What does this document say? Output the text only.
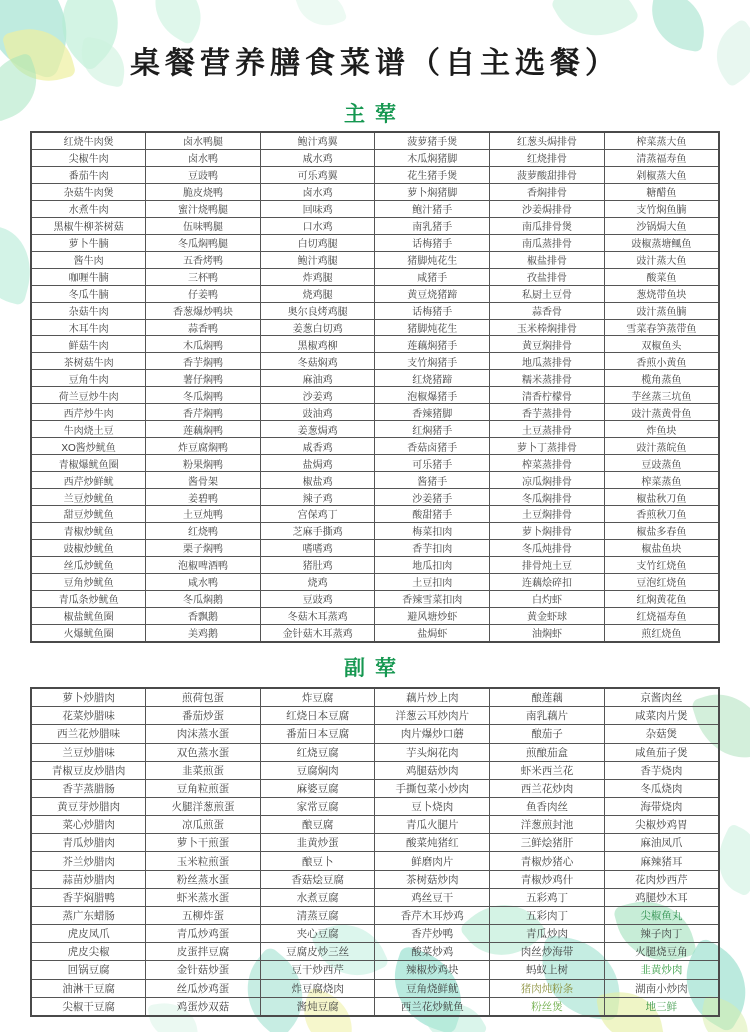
桌餐营养膳食菜谱（自主选餐）
主荤
红烧牛肉煲	卤水鸭腿	鲍汁鸡翼	菠萝猪手煲	红葱头焗排骨	榨菜蒸大鱼
尖椒牛肉	卤水鸭	咸水鸡	木瓜焖猪脚	红烧排骨	清蒸福寿鱼
番茄牛肉	豆豉鸭	可乐鸡翼	花生猪手煲	菠萝酸甜排骨	剁椒蒸大鱼
杂菇牛肉煲	脆皮烧鸭	卤水鸡	萝卜焖猪脚	香焖排骨	糖醋鱼
水煮牛肉	蜜汁烧鸭腿	回味鸡	鲍汁猪手	沙姜焗排骨	支竹焖鱼腩
黑椒牛柳茶树菇	伍味鸭腿	口水鸡	南乳猪手	南瓜排骨煲	沙锅焗大鱼
萝卜牛腩	冬瓜焖鸭腿	白切鸡腿	话梅猪手	南瓜蒸排骨	豉椒蒸塘鲺鱼
酱牛肉	五香烤鸭	鲍汁鸡腿	猪脚炖花生	椒盐排骨	豉汁蒸大鱼
咖喱牛腩	三杯鸭	炸鸡腿	咸猪手	孜盐排骨	酸菜鱼
冬瓜牛腩	仔姜鸭	烧鸡腿	黄豆烧猪蹄	私厨土豆骨	葱烧带鱼块
杂菇牛肉	香葱爆炒鸭块	奥尔良烤鸡腿	话梅猪手	蒜香骨	豉汁蒸鱼腩
木耳牛肉	蒜香鸭	姜葱白切鸡	猪脚炖花生	玉米棒焖排骨	雪菜春笋蒸带鱼
鲜菇牛肉	木瓜焖鸭	黑椒鸡柳	莲藕焖猪手	黄豆焖排骨	双椒鱼头
茶树菇牛肉	香芋焖鸭	冬菇焖鸡	支竹焖猪手	地瓜蒸排骨	香煎小黄鱼
豆角牛肉	薯仔焖鸭	麻油鸡	红烧猪蹄	糯米蒸排骨	榄角蒸鱼
荷兰豆炒牛肉	冬瓜焖鸭	沙姜鸡	泡椒爆猪手	清香柠檬骨	芋丝蒸三坑鱼
西芹炒牛肉	香芹焖鸭	豉油鸡	香辣猪脚	香芋蒸排骨	豉汁蒸黄骨鱼
牛肉烧土豆	莲藕焖鸭	姜葱焗鸡	红焖猪手	土豆蒸排骨	炸鱼块
XO酱炒鱿鱼	炸豆腐焖鸭	咸香鸡	香菇卤猪手	萝卜丁蒸排骨	豉汁蒸皖鱼
青椒爆鱿鱼圈	粉果焖鸭	盐焗鸡	可乐猪手	榨菜蒸排骨	豆豉蒸鱼
西芹炒鲜鱿	酱骨架	椒盐鸡	酱猪手	凉瓜焖排骨	榨菜蒸鱼
兰豆炒鱿鱼	姜碧鸭	辣子鸡	沙姜猪手	冬瓜焖排骨	椒盐秋刀鱼
甜豆炒鱿鱼	土豆炖鸭	宫保鸡丁	酸甜猪手	土豆焖排骨	香煎秋刀鱼
青椒炒鱿鱼	红烧鸭	芝麻手撕鸡	梅菜扣肉	萝卜焖排骨	椒盐多春鱼
豉椒炒鱿鱼	栗子焖鸭	嗜嗜鸡	香芋扣肉	冬瓜炖排骨	椒盐鱼块
丝瓜炒鱿鱼	泡椒啤酒鸭	猪肚鸡	地瓜扣肉	排骨炖土豆	支竹红烧鱼
豆角炒鱿鱼	咸水鸭	烧鸡	土豆扣肉	连藕烩碎扣	豆泡红烧鱼
青瓜条炒鱿鱼	冬瓜焖鹅	豆豉鸡	香辣雪菜扣肉	白灼虾	红焖黄花鱼
椒盐鱿鱼圈	香飘鹅	冬菇木耳蒸鸡	避风塘炒虾	黄金虾球	红烧福寿鱼
火爆鱿鱼圈	美鸡鹅	金针菇木耳蒸鸡	盐焗虾	油焖虾	煎红烧鱼
副荤
萝卜炒腊肉	煎荷包蛋	炸豆腐	藕片炒上肉	酿莲藕	京酱肉丝
花菜炒腊味	番茄炒蛋	红烧日本豆腐	洋葱云耳炒肉片	南乳藕片	咸菜肉片煲
西兰花炒腊味	肉沫蒸水蛋	番茄日本豆腐	肉片爆炒口蘑	酿茄子	杂菇煲
兰豆炒腊味	双色蒸水蛋	红烧豆腐	芋头焖花肉	煎酿茄盒	咸鱼茄子煲
青椒豆皮炒腊肉	韭菜煎蛋	豆腐焖肉	鸡腿菇炒肉	虾米西兰花	香芋烧肉
香芋蒸腊肠	豆角粒煎蛋	麻婆豆腐	手撕包菜小炒肉	西兰花炒肉	冬瓜烧肉
黄豆芽炒腊肉	火腿洋葱煎蛋	家常豆腐	豆卜烧肉	鱼香肉丝	海带烧肉
菜心炒腊肉	凉瓜煎蛋	酿豆腐	青瓜火腿片	洋葱煎封池	尖椒炒鸡胃
青瓜炒腊肉	萝卜干煎蛋	韭黄炒蛋	酸菜炖猪红	三鲜烩猪肝	麻油凤爪
芥兰炒腊肉	玉米粒煎蛋	酿豆卜	鲜磨肉片	青椒炒猪心	麻辣猪耳
蒜苗炒腊肉	粉丝蒸水蛋	香菇烩豆腐	茶树菇炒肉	青椒炒鸡什	花肉炒西芹
香芋焖腊鸭	虾米蒸水蛋	水煮豆腐	鸡丝豆干	五彩鸡丁	鸡腿炒木耳
蒸广东蜡肠	五柳炸蛋	清蒸豆腐	香芹木耳炒鸡	五彩肉丁	尖椒鱼丸
虎皮凤爪	青瓜炒鸡蛋	夹心豆腐	香芹炒鸭	青瓜炒肉	辣子肉丁
虎皮尖椒	皮蛋拌豆腐	豆腐皮炒三丝	酸菜炒鸡	肉丝炒海带	火腿烧豆角
回锅豆腐	金针菇炒蛋	豆干炒西芹	辣椒炒鸡块	蚂蚁上树	韭黄炒肉
油淋干豆腐	丝瓜炒鸡蛋	炸豆腐烧肉	豆角烧鲜鱿	猪肉炖粉条	湖南小炒肉
尖椒干豆腐	鸡蛋炒双菇	酱炖豆腐	西兰花炒鱿鱼	粉丝煲	地三鲜
